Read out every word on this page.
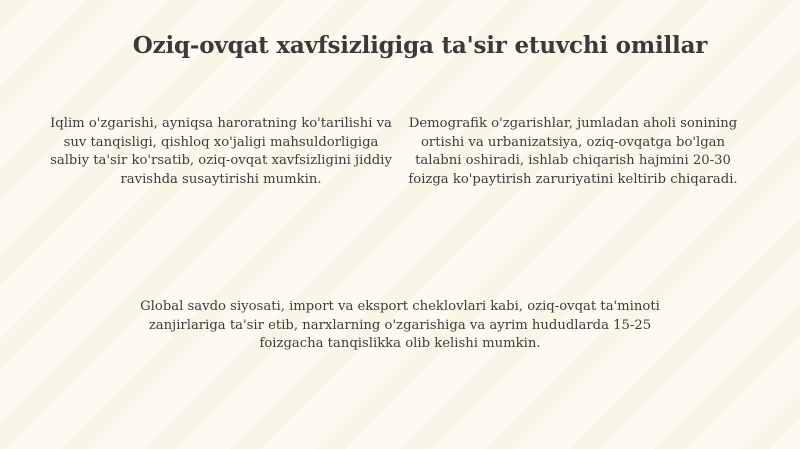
Oziq-ovqat xavfsizligiga ta'sir etuvchi omillar

Iqlim o'zgarishi, ayniqsa haroratning ko'tarilishi va suv tanqisligi, qishloq xo'jaligi mahsuldorligiga salbiy ta'sir ko'rsatib, oziq-ovqat xavfsizligini jiddiy ravishda susaytirishi mumkin.

Demografik o'zgarishlar, jumladan aholi sonining ortishi va urbanizatsiya, oziq-ovqatga bo'lgan talabni oshiradi, ishlab chiqarish hajmini 20-30 foizga ko'paytirish zaruriyatini keltirib chiqaradi.

Global savdo siyosati, import va eksport cheklovlari kabi, oziq-ovqat ta'minoti zanjirlariga ta'sir etib, narxlarning o'zgarishiga va ayrim hududlarda 15-25 foizgacha tanqislikka olib kelishi mumkin.
